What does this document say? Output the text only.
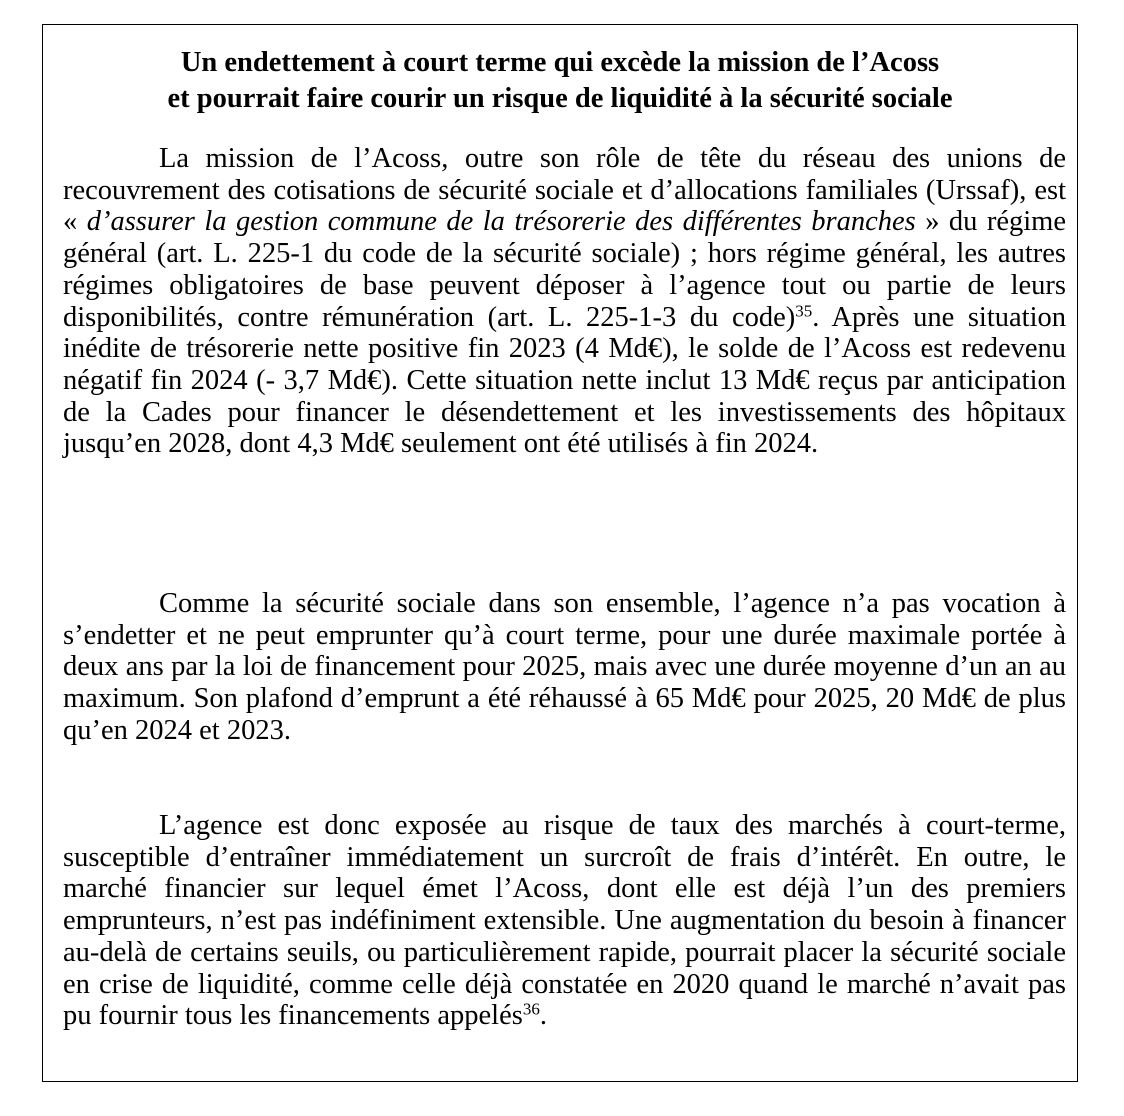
Un endettement à court terme qui excède la mission de l’Acoss
et pourrait faire courir un risque de liquidité à la sécurité sociale

La mission de l’Acoss, outre son rôle de tête du réseau des unions de recouvrement des cotisations de sécurité sociale et d’allocations familiales (Urssaf), est « d’assurer la gestion commune de la trésorerie des différentes branches » du régime général (art. L. 225-1 du code de la sécurité sociale) ; hors régime général, les autres régimes obligatoires de base peuvent déposer à l’agence tout ou partie de leurs disponibilités, contre rémunération (art. L. 225-1-3 du code)$^{35}$. Après une situation inédite de trésorerie nette positive fin 2023 (4 Md€), le solde de l’Acoss est redevenu négatif fin 2024 (- 3,7 Md€). Cette situation nette inclut 13 Md€ reçus par anticipation de la Cades pour financer le désendettement et les investissements des hôpitaux jusqu’en 2028, dont 4,3 Md€ seulement ont été utilisés à fin 2024.

Comme la sécurité sociale dans son ensemble, l’agence n’a pas vocation à s’endetter et ne peut emprunter qu’à court terme, pour une durée maximale portée à deux ans par la loi de financement pour 2025, mais avec une durée moyenne d’un an au maximum. Son plafond d’emprunt a été réhaussé à 65 Md€ pour 2025, 20 Md€ de plus qu’en 2024 et 2023.

L’agence est donc exposée au risque de taux des marchés à court-terme, susceptible d’entraîner immédiatement un surcroît de frais d’intérêt. En outre, le marché financier sur lequel émet l’Acoss, dont elle est déjà l’un des premiers emprunteurs, n’est pas indéfiniment extensible. Une augmentation du besoin à financer au-delà de certains seuils, ou particulièrement rapide, pourrait placer la sécurité sociale en crise de liquidité, comme celle déjà constatée en 2020 quand le marché n’avait pas pu fournir tous les financements appelés$^{36}$.
